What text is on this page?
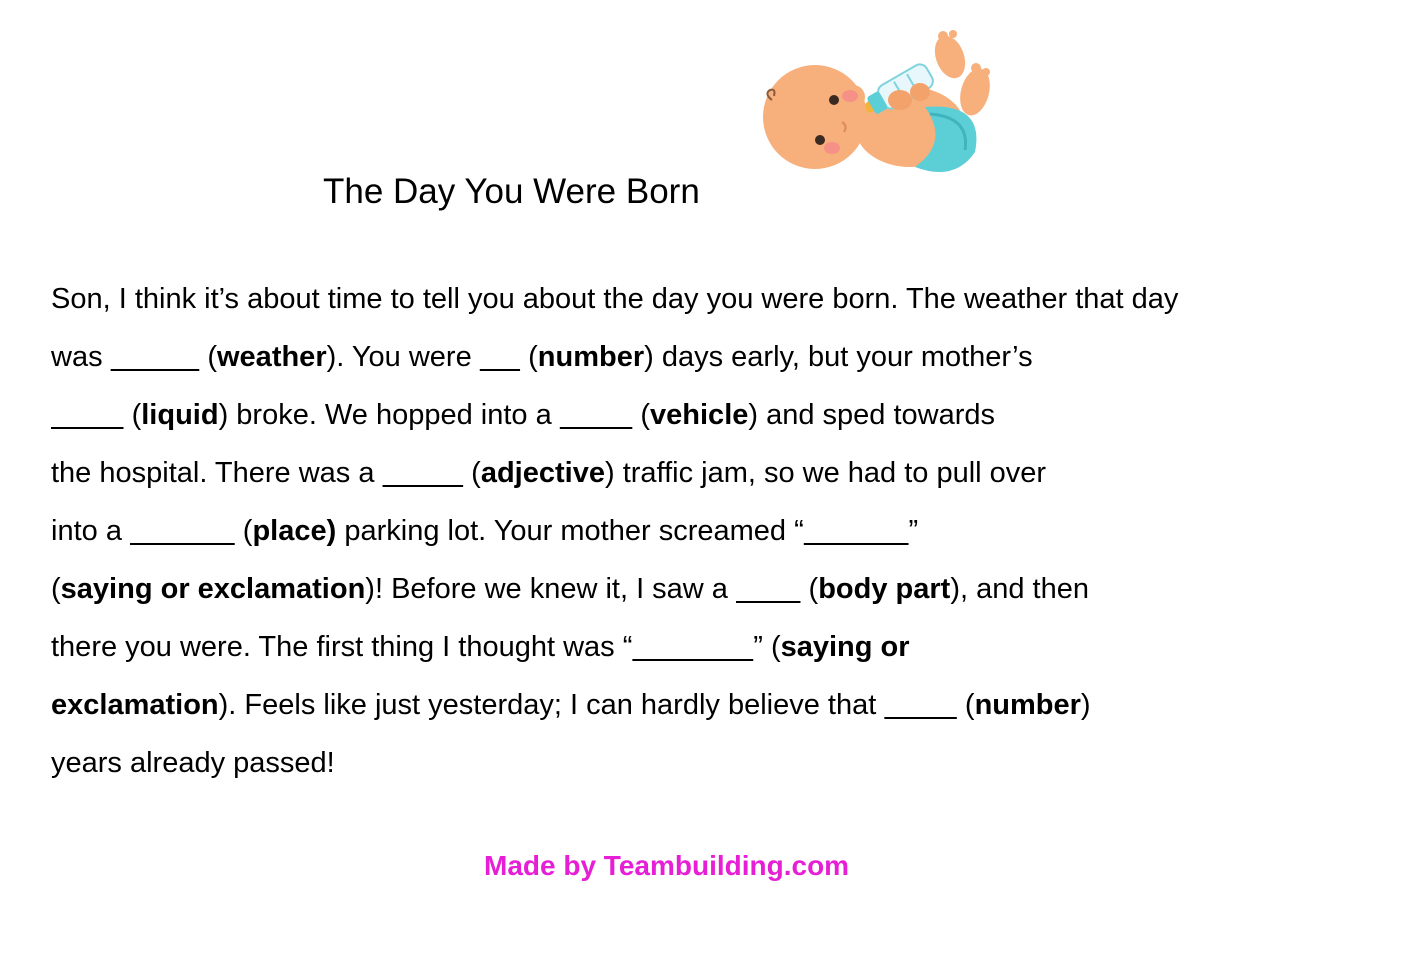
The Day You Were Born
Son, I think it’s about time to tell you about the day you were born. The weather that day
was	(weather). You were       (number) days early, but your mother’s
(liquid) broke. We hopped into a	(vehicle) and sped towards
the hospital. There was a	(adjective) traffic jam, so we had to pull over
into a	(place) parking lot. Your mother screamed “	”
(saying or exclamation)! Before we knew it, I saw a          (body part), and then
there you were. The first thing I thought was “	” (saying or
exclamation). Feels like just yesterday; I can hardly believe that	(number)
years already passed!
Made by Teambuilding.com
